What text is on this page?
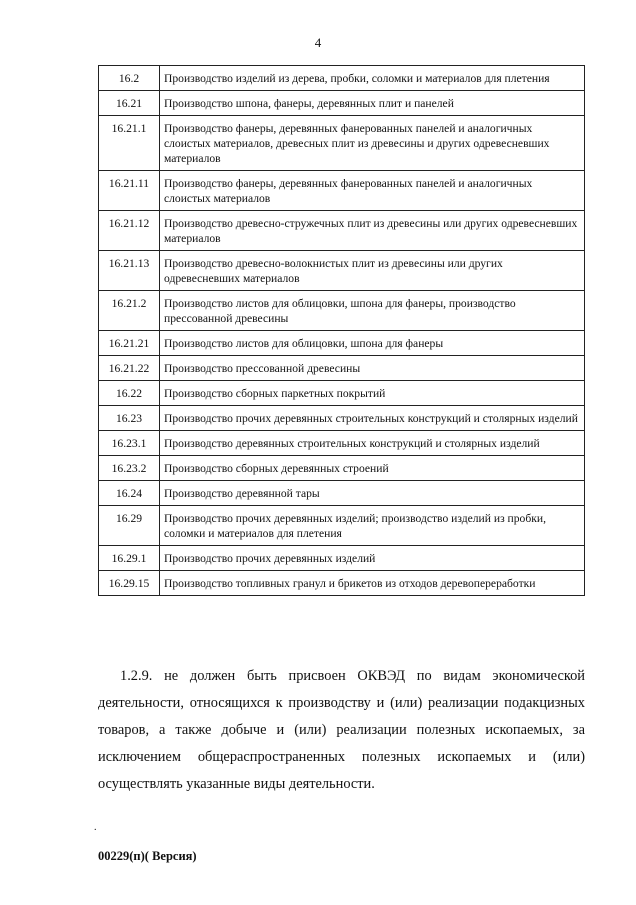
4
16.2	Производство изделий из дерева, пробки, соломки и материалов для плетения
16.21	Производство шпона, фанеры, деревянных плит и панелей
16.21.1	Производство фанеры, деревянных фанерованных панелей и аналогичных слоистых материалов, древесных плит из древесины и других одревесневших материалов
16.21.11	Производство фанеры, деревянных фанерованных панелей и аналогичных слоистых материалов
16.21.12	Производство древесно-стружечных плит из древесины или других одревесневших материалов
16.21.13	Производство древесно-волокнистых плит из древесины или других одревесневших материалов
16.21.2	Производство листов для облицовки, шпона для фанеры, производство прессованной древесины
16.21.21	Производство листов для облицовки, шпона для фанеры
16.21.22	Производство прессованной древесины
16.22	Производство сборных паркетных покрытий
16.23	Производство прочих деревянных строительных конструкций и столярных изделий
16.23.1	Производство деревянных строительных конструкций и столярных изделий
16.23.2	Производство сборных деревянных строений
16.24	Производство деревянной тары
16.29	Производство прочих деревянных изделий; производство изделий из пробки, соломки и материалов для плетения
16.29.1	Производство прочих деревянных изделий
16.29.15	Производство топливных гранул и брикетов из отходов деревопереработки

1.2.9. не должен быть присвоен ОКВЭД по видам экономической деятельности, относящихся к производству и (или) реализации подакцизных товаров, а также добыче и (или) реализации полезных ископаемых, за исключением общераспространенных полезных ископаемых и (или) осуществлять указанные виды деятельности.

.
00229(п)( Версия)
